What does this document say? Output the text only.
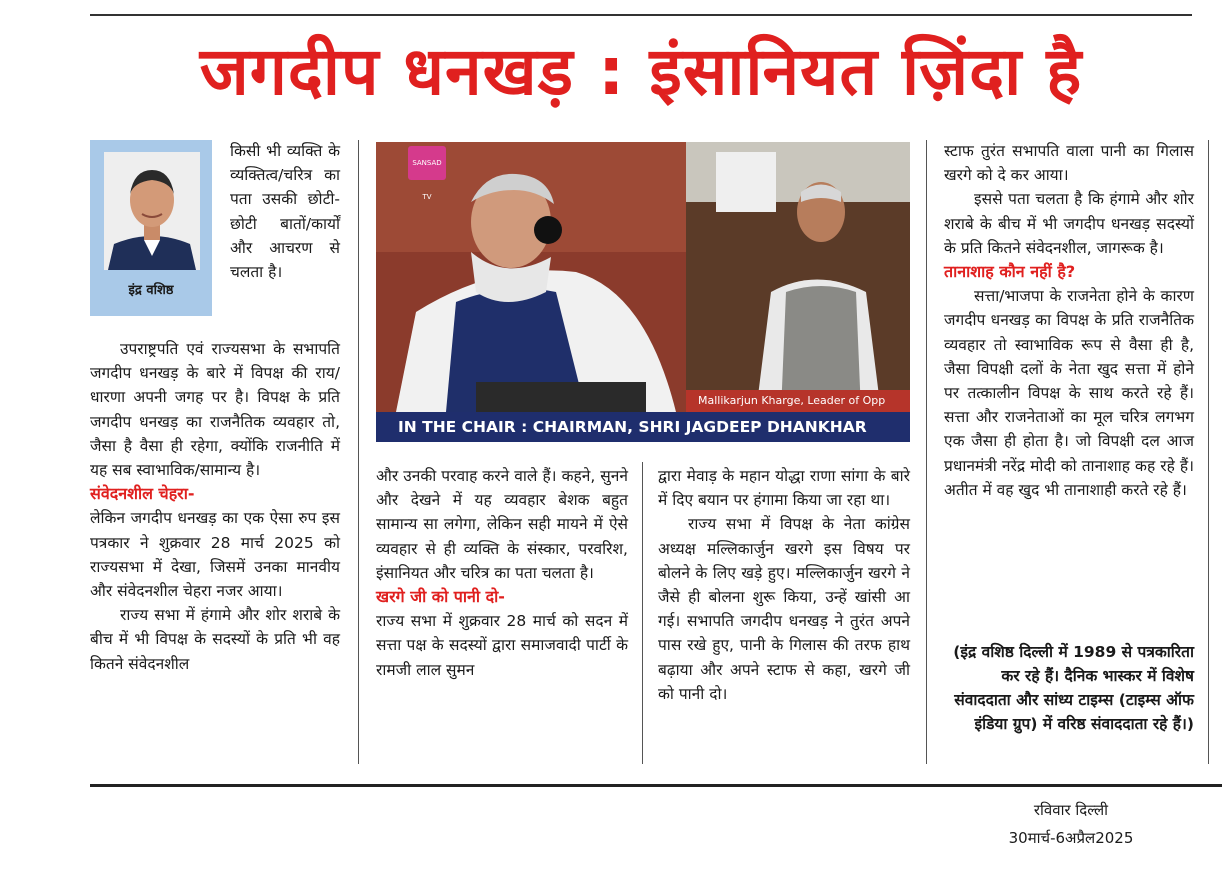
जगदीप धनखड़ : इंसानियत ज़िंदा है
इंद्र वशिष्ठ

किसी भी व्यक्ति के व्यक्तित्व/चरित्र का पता उसकी छोटी-छोटी बातों/कार्यों और आचरण से चलता है।

उपराष्ट्रपति एवं राज्यसभा के सभापति जगदीप धनखड़ के बारे में विपक्ष की राय/ धारणा अपनी जगह पर है। विपक्ष के प्रति जगदीप धनखड़ का राजनैतिक व्यवहार तो, जैसा है वैसा ही रहेगा, क्योंकि राजनीति में यह सब स्वाभाविक/सामान्य है।

संवेदनशील चेहरा-

लेकिन जगदीप धनखड़ का एक ऐसा रुप इस पत्रकार ने शुक्रवार 28 मार्च 2025 को राज्यसभा में देखा, जिसमें उनका मानवीय और संवेदनशील चेहरा नजर आया।

राज्य सभा में हंगामे और शोर शराबे के बीच में भी विपक्ष के सदस्यों के प्रति भी वह कितने संवेदनशील

SANSAD TV
Mallikarjun Kharge, Leader of Opp
IN THE CHAIR : CHAIRMAN, SHRI JAGDEEP DHANKHAR

और उनकी परवाह करने वाले हैं। कहने, सुनने और देखने में यह व्यवहार बेशक बहुत सामान्य सा लगेगा, लेकिन सही मायने में ऐसे व्यवहार से ही व्यक्ति के संस्कार, परवरिश, इंसानियत और चरित्र का पता चलता है।

खरगे जी को पानी दो-

राज्य सभा में शुक्रवार 28 मार्च को सदन में सत्ता पक्ष के सदस्यों द्वारा समाजवादी पार्टी के रामजी लाल सुमन

द्वारा मेवाड़ के महान योद्धा राणा सांगा के बारे में दिए बयान पर हंगामा किया जा रहा था।

राज्य सभा में विपक्ष के नेता कांग्रेस अध्यक्ष मल्लिकार्जुन खरगे इस विषय पर बोलने के लिए खड़े हुए। मल्लिकार्जुन खरगे ने जैसे ही बोलना शुरू किया, उन्हें खांसी आ गई। सभापति जगदीप धनखड़ ने तुरंत अपने पास रखे हुए, पानी के गिलास की तरफ हाथ बढ़ाया और अपने स्टाफ से कहा, खरगे जी को पानी दो।

स्टाफ तुरंत सभापति वाला पानी का गिलास खरगे को दे कर आया।

इससे पता चलता है कि हंगामे और शोर शराबे के बीच में भी जगदीप धनखड़ सदस्यों के प्रति कितने संवेदनशील, जागरूक है।

तानाशाह कौन नहीं है?

सत्ता/भाजपा के राजनेता होने के कारण जगदीप धनखड़ का विपक्ष के प्रति राजनैतिक व्यवहार तो स्वाभाविक रूप से वैसा ही है, जैसा विपक्षी दलों के नेता खुद सत्ता में होने पर तत्कालीन विपक्ष के साथ करते रहे हैं। सत्ता और राजनेताओं का मूल चरित्र लगभग एक जैसा ही होता है। जो विपक्षी दल आज प्रधानमंत्री नरेंद्र मोदी को तानाशाह कह रहे हैं। अतीत में वह खुद भी तानाशाही करते रहे हैं।

(इंद्र वशिष्ठ दिल्ली में 1989 से पत्रकारिता कर रहे हैं। दैनिक भास्कर में विशेष संवाददाता और सांध्य टाइम्स (टाइम्स ऑफ इंडिया ग्रुप) में वरिष्ठ संवाददाता रहे हैं।)
रविवार दिल्ली
30मार्च-6अप्रैल2025
